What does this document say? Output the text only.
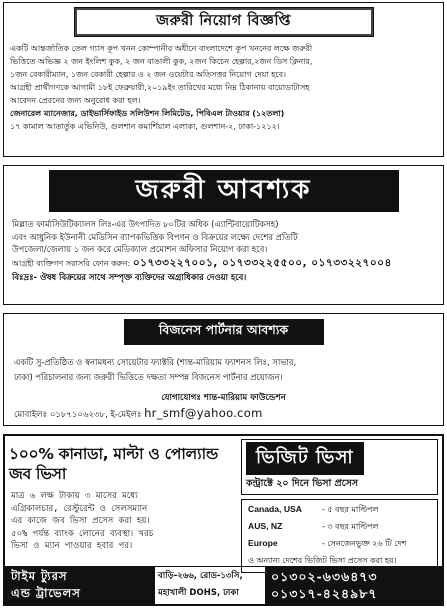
জরুরী নিয়োগ বিজ্ঞপ্তি

একটি আন্তর্জাতিক তেল গ্যাস কূপ খনন কোম্পানীর অধীনে বাংলাদেশে কূপ খননের লক্ষে জরুরী

ভিত্তিতে অভিজ্ঞ ২ জন ইংলিশ কুক, ২ জন বাঙালী কুক, ২জন কিচেন হেল্পার,২জন ডিস ক্লিনার,

১জন বেকারীম্যান, ১জন বেকারী হেল্পার ও ২ জন ওয়েটার অতিসত্তর নিয়োগ দেয়া হবে।

আগ্রহী প্রার্থীগণকে আগামী ১৮ই ফেব্রুয়ারী,২০১৯ইং তারিখের মধ্যে নিম্ন ঠিকানায় বায়োডাটাসহ

আবেদন প্রেরনের জন্য অনুরোধ করা হল।

জেনারেল ম্যানেজার, ডাইভার্সিফাইড সলিউশন লিমিটেড, পিবিএল টাওয়ার (১২তলা)

১৭ কামাল আতার্তুক এভিনিউ, গুলশান কমার্শিয়াল এলাকা, গুলশান-২, ঢাকা-১২১২।

জরুরী আবশ্যক

মিল্লাত ফার্মাসিউটিক্যালস লিঃ-এর উৎপাদিত ৮০টির অধিক (এ্যান্টিবায়োটিকসহ)

এবং আধুনিক ইউনানী মেডিসিন ব্যাপকভিত্তিক বিপণন ও বিক্রয়ের লক্ষ্যে দেশের প্রতিটি

উপজেলা/জেলায় ১ জন করে মেডিক্যাল প্রমোশন অফিসার নিয়োগ করা হবে।

আগ্রহী ব্যক্তিগণ সরাসরি ফোন করুন: ০১৭৩৩২২৭০০১, ০১৭৩৩২২৫৫০০, ০১৭৩৩২২৭০০৪

বিঃদ্রঃ- ঔষধ বিক্রয়ের সাথে সম্পৃক্ত ব্যক্তিদের অগ্রাধিকার দেওয়া হবে।

বিজনেস পার্টনার আবশ্যক

একটি সু-প্রতিষ্ঠিত ও স্বনামধন্য সোয়েটার ফ্যাক্টরি (শান্ত-মারিয়াম ফ্যাশনস লিঃ, সাভার,

ঢাকা) পরিচালনার জন্য জরুরী ভিত্তিতে দক্ষতা সম্পন্ন বিজনেস পার্টনার প্রয়োজন।

যোগাযোগঃ শান্ত-মারিয়াম ফাউন্ডেশন
মোবাইলঃ ০১৮৭১০৬২৩৮, ই-মেইলঃ hr_smf@yahoo.com
১০০% কানাডা, মাল্টা ও পোল্যান্ড জব ভিসা
মাত্র ৬ লক্ষ টাকায় ৩ মাসের মধ্যে
এগ্রিকালচার, রেস্টুরেন্ট ও সেলসম্যান
এর কাজে জব ভিসা প্রসেস করা হয়।
৫০% পর্যন্ত ব্যাংক লোনের ব্যবস্থা। খরচ
ভিসা ও ম্যান পাওয়ার হবার পর।
ভিজিট ভিসা
কন্ট্রাক্টে ২০ দিনে ভিসা প্রসেস
Canada, USA	- ৫ বছর মাল্টিপল
AUS, NZ	- ৩ বছর মাল্টিপল
Europe	- সেনজেনভুক্ত ২৬ টি দেশ
ও অন্যান্য দেশের ভিজিট ভিসা প্রসেস করা হয়।	
টাইম ট্যুরস
এন্ড ট্রাভেলস
বাড়ি-২৬৬, রোড-১৩সি,
মহাখালী DOHS, ঢাকা
০১৩০২-৬৩৬৪৭৩
০১৩১৭-৪২৪৯৮৭
